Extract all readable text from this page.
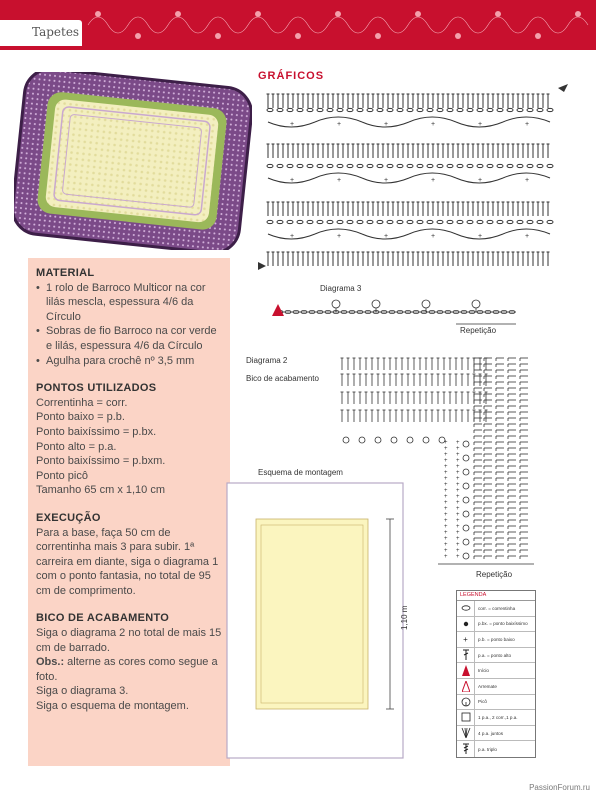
Tapetes
MATERIAL
• 1 rolo de Barroco Multicor na cor lilás mescla, espessura 4/6 da Círculo
• Sobras de fio Barroco na cor verde e lilás, espessura 4/6 da Círculo
• Agulha para crochê nº 3,5 mm
PONTOS UTILIZADOS

Correntinha = corr.

Ponto baixo = p.b.

Ponto baixíssimo = p.bx.

Ponto alto = p.a.

Ponto baixíssimo = p.bxm.

Ponto picô

Tamanho 65 cm x 1,10 cm

EXECUÇÃO

Para a base, faça 50 cm de correntinha mais 3 para subir. 1ª carreira em diante, siga o diagrama 1 com o ponto fantasia, no total de 95 cm de comprimento.

BICO DE ACABAMENTO

Siga o diagrama 2 no total de mais 15 cm de barrado.

Obs.: alterne as cores como segue a foto.

Siga o diagrama 3.

Siga o esquema de montagem.

GRÁFICOS
+	+	+	+	+	+
+	+	+	+	+	+
+	+	+	+	+	+
Diagrama 3
Repetição
Diagrama 2
Bico de acabamento
+ +
+ +
+ +
+ +
+ +
+ +
+ +
+ +
+ +
+ +
+ +
+ +
+ +
+ +
+ +
+ +
+ +
+ +
+ +
+ +
Repetição
Esquema de montagem
1,10 m
LEGENDA
corr. = correntinha
p.bx. = ponto baixíssimo
+	p.b. = ponto baixo
p.a. = ponto alto
Início
Arremate
Picô
1 p.a., 2 corr.,1 p.a.
4 p.a. juntos
p.a. triplo
PassionForum.ru
